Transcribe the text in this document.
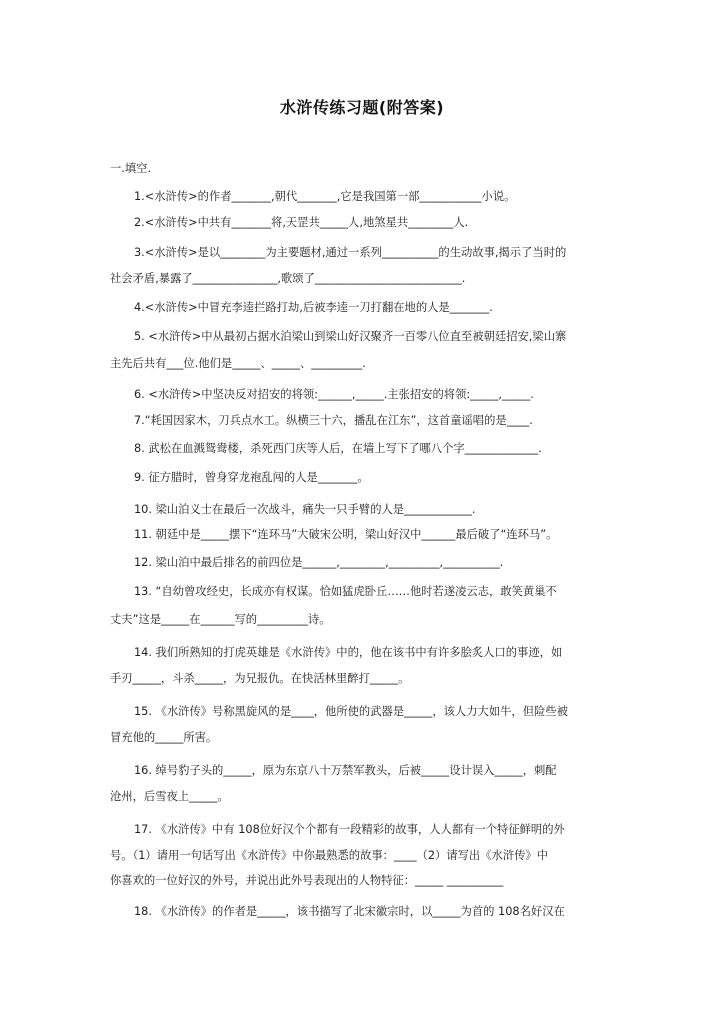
水浒传练习题(附答案)
一.填空.
1.<水浒传>的作者_______,朝代_______,它是我国第一部___________小说。
2.<水浒传>中共有_______将,天罡共_____人,地煞星共________人.
3.<水浒传>是以________为主要题材,通过一系列__________的生动故事,揭示了当时的
社会矛盾,暴露了_______________,歌颂了__________________________.
4.<水浒传>中冒充李逵拦路打劫,后被李逵一刀打翻在地的人是_______.
5. <水浒传>中从最初占据水泊梁山到梁山好汉聚齐一百零八位直至被朝廷招安,梁山寨
主先后共有___位.他们是_____、_____、_________.
6. <水浒传>中坚决反对招安的将领:______,_____.主张招安的将领:_____,_____.
7.“耗国因家木，刀兵点水工。纵横三十六，播乱在江东”，这首童谣唱的是____.
8. 武松在血溅鸳鸯楼，杀死西门庆等人后，在墙上写下了哪八个字_____________.
9. 征方腊时，曾身穿龙袍乱闯的人是_______。
10. 梁山泊义士在最后一次战斗，痛失一只手臂的人是____________.
11. 朝廷中是_____摆下“连环马”大破宋公明，梁山好汉中______最后破了“连环马”。
12. 梁山泊中最后排名的前四位是______,________,_________,__________.
13. “自幼曾攻经史，长成亦有权谋。恰如猛虎卧丘……他时若遂凌云志，敢笑黄巢不
丈夫”这是_____在______写的_________诗。
14. 我们所熟知的打虎英雄是《水浒传》中的，他在该书中有许多脍炙人口的事迹，如
手刃_____，斗杀_____，为兄报仇。在快活林里醉打_____。
15. 《水浒传》号称黑旋风的是____，他所使的武器是_____，该人力大如牛，但险些被
冒充他的_____所害。
16. 绰号豹子头的_____，原为东京八十万禁军教头，后被_____设计误入_____，刺配
沧州，后雪夜上_____。
17. 《水浒传》中有 108位好汉个个都有一段精彩的故事，人人都有一个特征鲜明的外
号。（1）请用一句话写出《水浒传》中你最熟悉的故事：____（2）请写出《水浒传》中
你喜欢的一位好汉的外号，并说出此外号表现出的人物特征：_____ __________
18. 《水浒传》的作者是_____，该书描写了北宋徽宗时，以_____为首的 108名好汉在
